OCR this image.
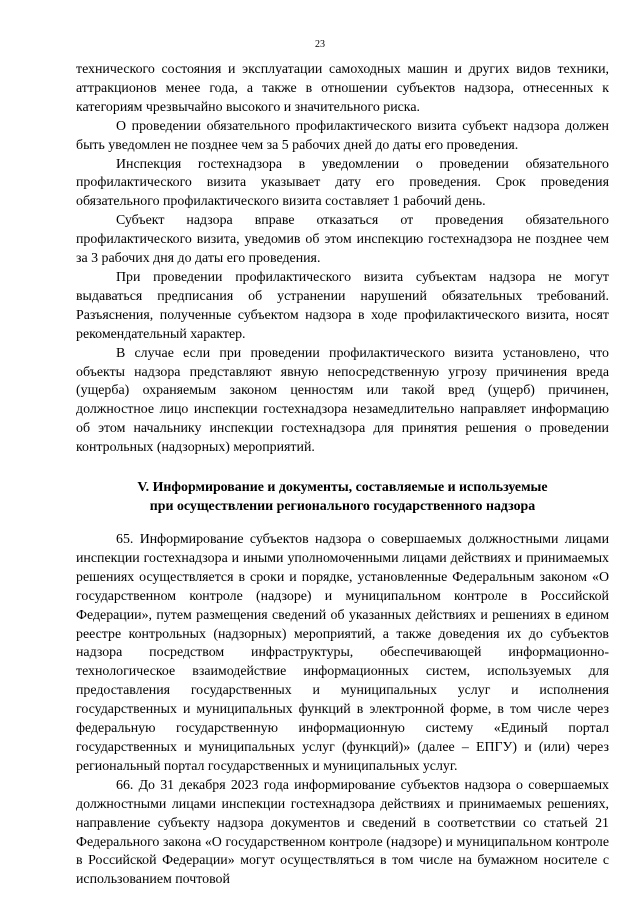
23

технического состояния и эксплуатации самоходных машин и других видов техники, аттракционов менее года, а также в отношении субъектов надзора, отнесенных к категориям чрезвычайно высокого и значительного риска.

О проведении обязательного профилактического визита субъект надзора должен быть уведомлен не позднее чем за 5 рабочих дней до даты его проведения.

Инспекция гостехнадзора в уведомлении о проведении обязательного профилактического визита указывает дату его проведения. Срок проведения обязательного профилактического визита составляет 1 рабочий день.

Субъект надзора вправе отказаться от проведения обязательного профилактического визита, уведомив об этом инспекцию гостехнадзора не позднее чем за 3 рабочих дня до даты его проведения.

При проведении профилактического визита субъектам надзора не могут выдаваться предписания об устранении нарушений обязательных требований. Разъяснения, полученные субъектом надзора в ходе профилактического визита, носят рекомендательный характер.

В случае если при проведении профилактического визита установлено, что объекты надзора представляют явную непосредственную угрозу причинения вреда (ущерба) охраняемым законом ценностям или такой вред (ущерб) причинен, должностное лицо инспекции гостехнадзора незамедлительно направляет информацию об этом начальнику инспекции гостехнадзора для принятия решения о проведении контрольных (надзорных) мероприятий.

V. Информирование и документы, составляемые и используемые
при осуществлении регионального государственного надзора

65. Информирование субъектов надзора о совершаемых должностными лицами инспекции гостехнадзора и иными уполномоченными лицами действиях и принимаемых решениях осуществляется в сроки и порядке, установленные Федеральным законом «О государственном контроле (надзоре) и муниципальном контроле в Российской Федерации», путем размещения сведений об указанных действиях и решениях в едином реестре контрольных (надзорных) мероприятий, а также доведения их до субъектов надзора посредством инфраструктуры, обеспечивающей информационно-технологическое взаимодействие информационных систем, используемых для предоставления государственных и муниципальных услуг и исполнения государственных и муниципальных функций в электронной форме, в том числе через федеральную государственную информационную систему «Единый портал государственных и муниципальных услуг (функций)» (далее – ЕПГУ) и (или) через региональный портал государственных и муниципальных услуг.

66. До 31 декабря 2023 года информирование субъектов надзора о совершаемых должностными лицами инспекции гостехнадзора действиях и принимаемых решениях, направление субъекту надзора документов и сведений в соответствии со статьей 21 Федерального закона «О государственном контроле (надзоре) и муниципальном контроле в Российской Федерации» могут осуществляться в том числе на бумажном носителе с использованием почтовой
